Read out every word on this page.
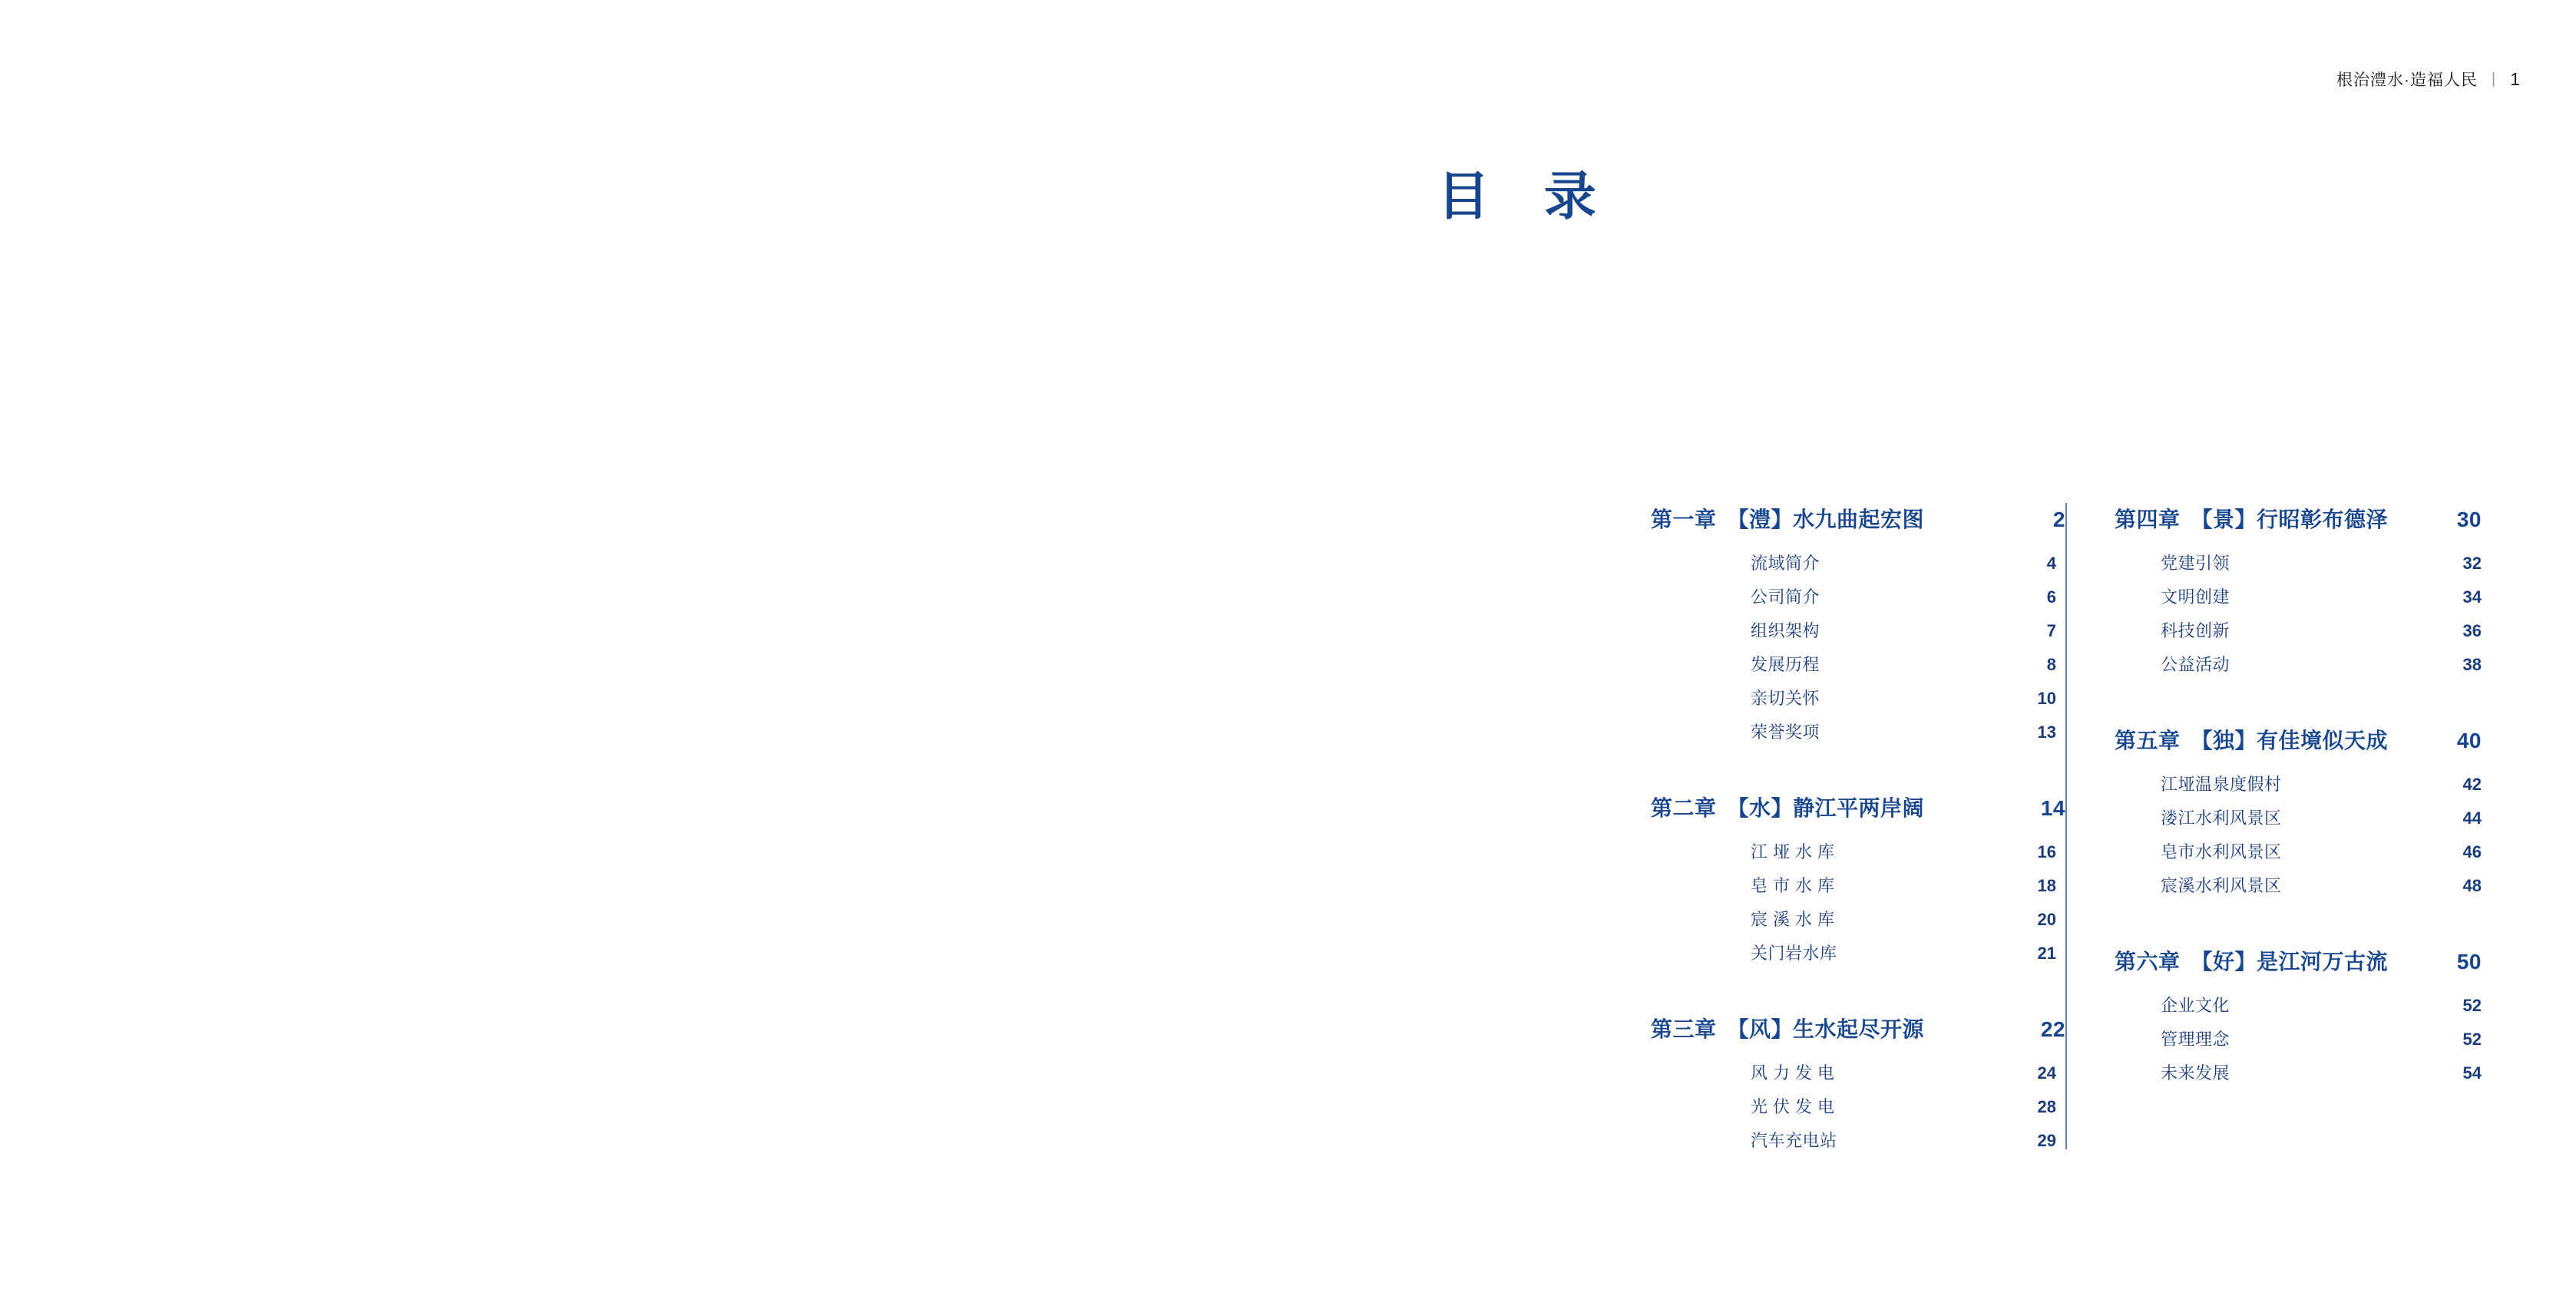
根治澧水·造福人民 | 1
目 录
第一章 【澧】水九曲起宏图	2
流域简介	4
公司简介	6
组织架构	7
发展历程	8
亲切关怀	10
荣誉奖项	13
第二章 【水】静江平两岸阔	14
江垭水库	16
皂市水库	18
宸溪水库	20
关门岩水库	21
第三章 【风】生水起尽开源	22
风力发电	24
光伏发电	28
汽车充电站	29
第四章 【景】行昭彰布德泽	30
党建引领	32
文明创建	34
科技创新	36
公益活动	38
第五章 【独】有佳境似天成	40
江垭温泉度假村	42
溇江水利风景区	44
皂市水利风景区	46
宸溪水利风景区	48
第六章 【好】是江河万古流	50
企业文化	52
管理理念	52
未来发展	54
